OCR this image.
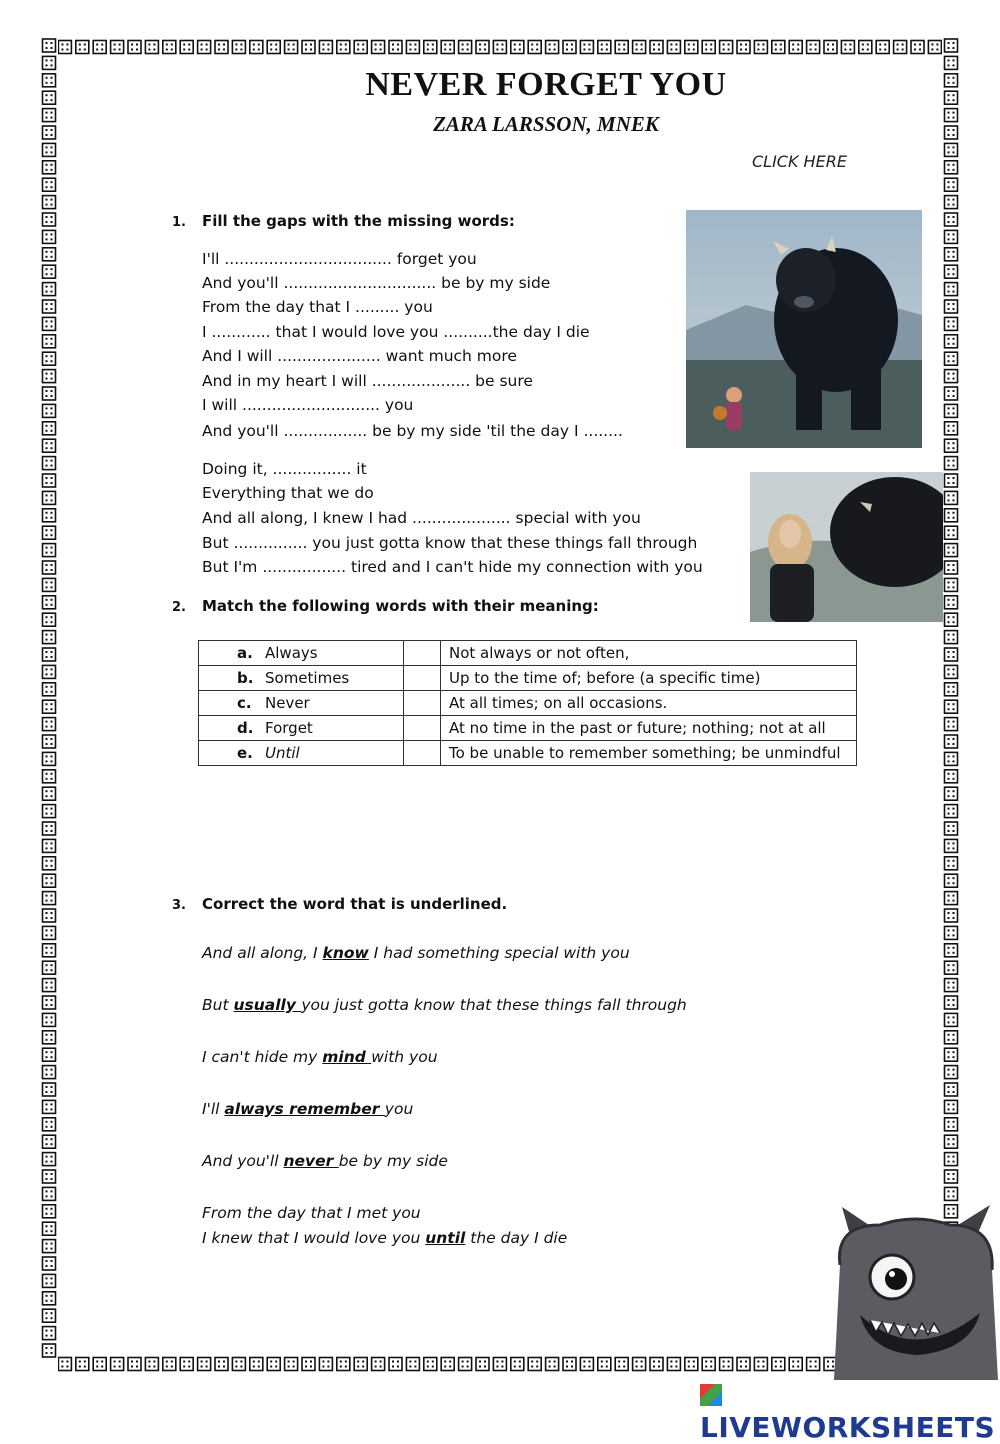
NEVER FORGET YOU
ZARA LARSSON, MNEK
CLICK HERE
1. Fill the gaps with the missing words:
I'll .................................. forget you
And you'll ............................... be by my side
From the day that I ......... you
I ............ that I would love you ..........the day I die
And I will ..................... want much more
And in my heart I will .................... be sure
I will ............................ you
And you'll ................. be by my side 'til the day I ........
Doing it, ................ it
Everything that we do
And all along, I knew I had .................... special with you
But ............... you just gotta know that these things fall through
But I'm ................. tired and I can't hide my connection with you
2. Match the following words with their meaning:
a. Always		Not always or not often,
b. Sometimes		Up to the time of; before (a specific time)
c. Never		At all times; on all occasions.
d. Forget		At no time in the past or future; nothing; not at all
e. Until		To be unable to remember something; be unmindful
3. Correct the word that is underlined.
And all along, I know I had something special with you
But usually you just gotta know that these things fall through
I can't hide my mind with you
I'll always remember you
And you'll never be by my side
From the day that I met you
I knew that I would love you until the day I die
LIVEWORKSHEETS
